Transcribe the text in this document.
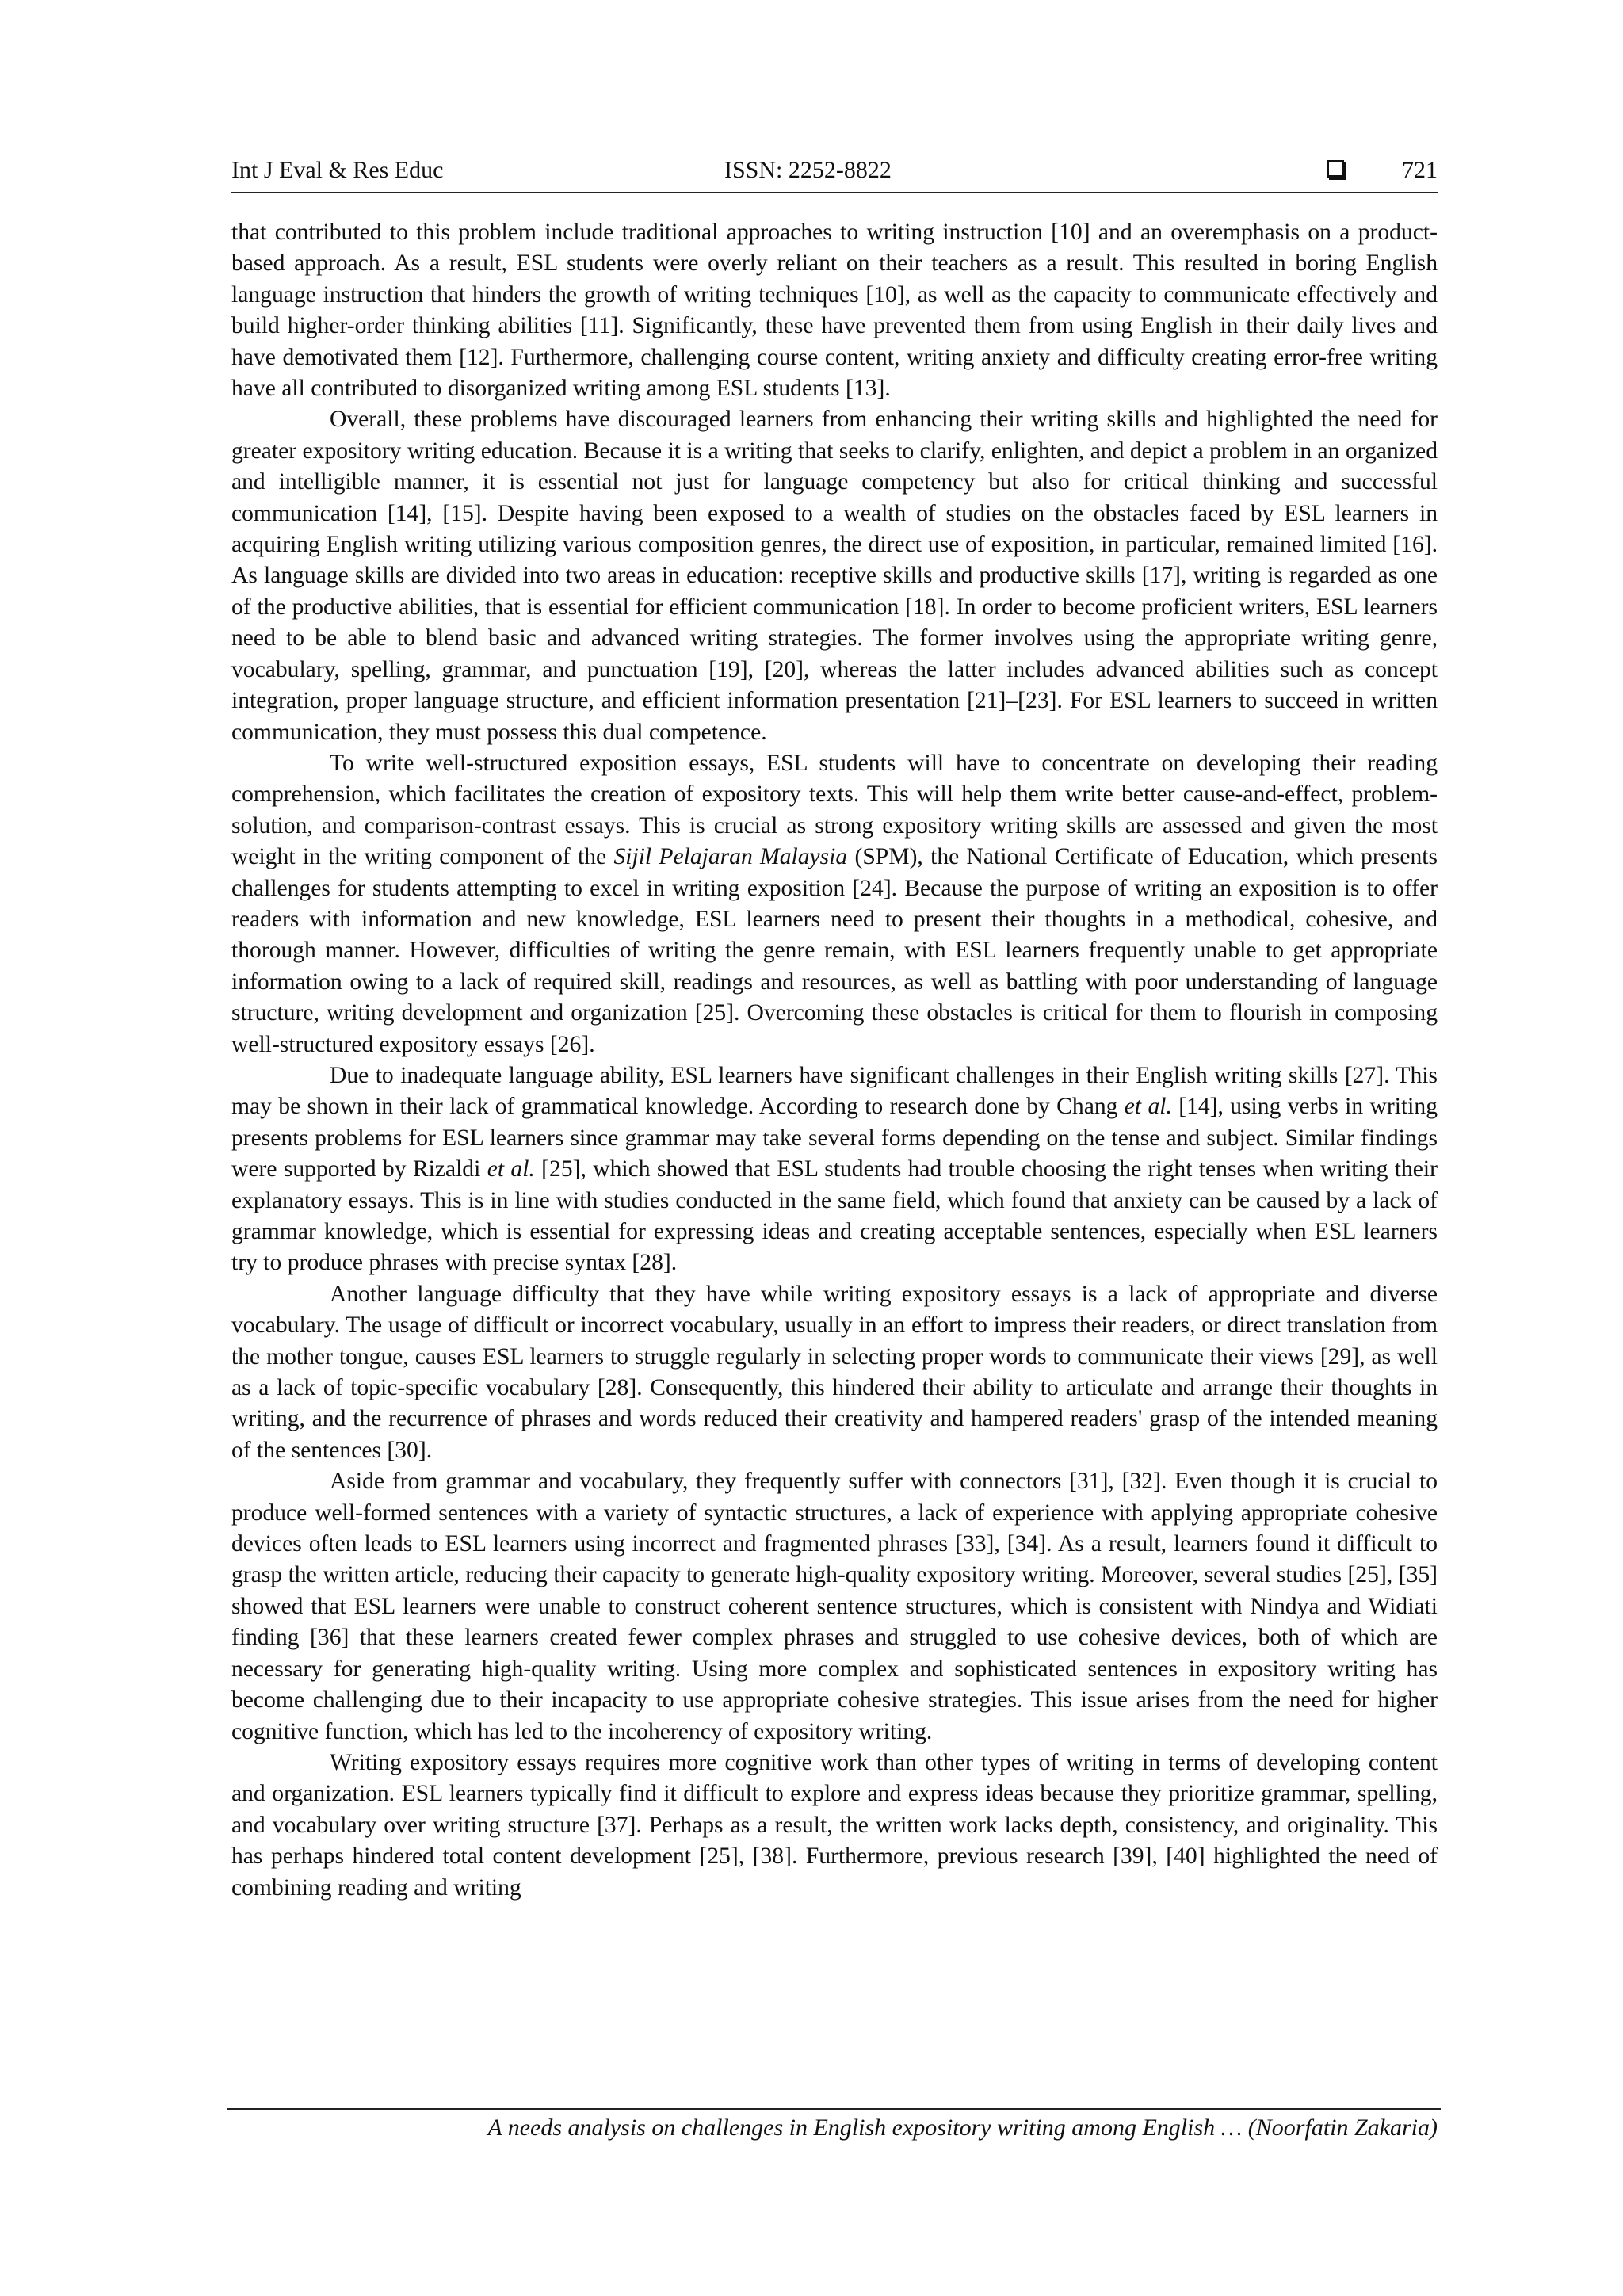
Int J Eval & Res Educ	ISSN: 2252-8822	721

that contributed to this problem include traditional approaches to writing instruction [10] and an overemphasis on a product-based approach. As a result, ESL students were overly reliant on their teachers as a result. This resulted in boring English language instruction that hinders the growth of writing techniques [10], as well as the capacity to communicate effectively and build higher-order thinking abilities [11]. Significantly, these have prevented them from using English in their daily lives and have demotivated them [12]. Furthermore, challenging course content, writing anxiety and difficulty creating error-free writing have all contributed to disorganized writing among ESL students [13].

Overall, these problems have discouraged learners from enhancing their writing skills and highlighted the need for greater expository writing education. Because it is a writing that seeks to clarify, enlighten, and depict a problem in an organized and intelligible manner, it is essential not just for language competency but also for critical thinking and successful communication [14], [15]. Despite having been exposed to a wealth of studies on the obstacles faced by ESL learners in acquiring English writing utilizing various composition genres, the direct use of exposition, in particular, remained limited [16]. As language skills are divided into two areas in education: receptive skills and productive skills [17], writing is regarded as one of the productive abilities, that is essential for efficient communication [18]. In order to become proficient writers, ESL learners need to be able to blend basic and advanced writing strategies. The former involves using the appropriate writing genre, vocabulary, spelling, grammar, and punctuation [19], [20], whereas the latter includes advanced abilities such as concept integration, proper language structure, and efficient information presentation [21]–[23]. For ESL learners to succeed in written communication, they must possess this dual competence.

To write well-structured exposition essays, ESL students will have to concentrate on developing their reading comprehension, which facilitates the creation of expository texts. This will help them write better cause-and-effect, problem-solution, and comparison-contrast essays. This is crucial as strong expository writing skills are assessed and given the most weight in the writing component of the Sijil Pelajaran Malaysia (SPM), the National Certificate of Education, which presents challenges for students attempting to excel in writing exposition [24]. Because the purpose of writing an exposition is to offer readers with information and new knowledge, ESL learners need to present their thoughts in a methodical, cohesive, and thorough manner. However, difficulties of writing the genre remain, with ESL learners frequently unable to get appropriate information owing to a lack of required skill, readings and resources, as well as battling with poor understanding of language structure, writing development and organization [25]. Overcoming these obstacles is critical for them to flourish in composing well-structured expository essays [26].

Due to inadequate language ability, ESL learners have significant challenges in their English writing skills [27]. This may be shown in their lack of grammatical knowledge. According to research done by Chang et al. [14], using verbs in writing presents problems for ESL learners since grammar may take several forms depending on the tense and subject. Similar findings were supported by Rizaldi et al. [25], which showed that ESL students had trouble choosing the right tenses when writing their explanatory essays. This is in line with studies conducted in the same field, which found that anxiety can be caused by a lack of grammar knowledge, which is essential for expressing ideas and creating acceptable sentences, especially when ESL learners try to produce phrases with precise syntax [28].

Another language difficulty that they have while writing expository essays is a lack of appropriate and diverse vocabulary. The usage of difficult or incorrect vocabulary, usually in an effort to impress their readers, or direct translation from the mother tongue, causes ESL learners to struggle regularly in selecting proper words to communicate their views [29], as well as a lack of topic-specific vocabulary [28]. Consequently, this hindered their ability to articulate and arrange their thoughts in writing, and the recurrence of phrases and words reduced their creativity and hampered readers' grasp of the intended meaning of the sentences [30].

Aside from grammar and vocabulary, they frequently suffer with connectors [31], [32]. Even though it is crucial to produce well-formed sentences with a variety of syntactic structures, a lack of experience with applying appropriate cohesive devices often leads to ESL learners using incorrect and fragmented phrases [33], [34]. As a result, learners found it difficult to grasp the written article, reducing their capacity to generate high-quality expository writing. Moreover, several studies [25], [35] showed that ESL learners were unable to construct coherent sentence structures, which is consistent with Nindya and Widiati finding [36] that these learners created fewer complex phrases and struggled to use cohesive devices, both of which are necessary for generating high-quality writing. Using more complex and sophisticated sentences in expository writing has become challenging due to their incapacity to use appropriate cohesive strategies. This issue arises from the need for higher cognitive function, which has led to the incoherency of expository writing.

Writing expository essays requires more cognitive work than other types of writing in terms of developing content and organization. ESL learners typically find it difficult to explore and express ideas because they prioritize grammar, spelling, and vocabulary over writing structure [37]. Perhaps as a result, the written work lacks depth, consistency, and originality. This has perhaps hindered total content development [25], [38]. Furthermore, previous research [39], [40] highlighted the need of combining reading and writing

A needs analysis on challenges in English expository writing among English … (Noorfatin Zakaria)
